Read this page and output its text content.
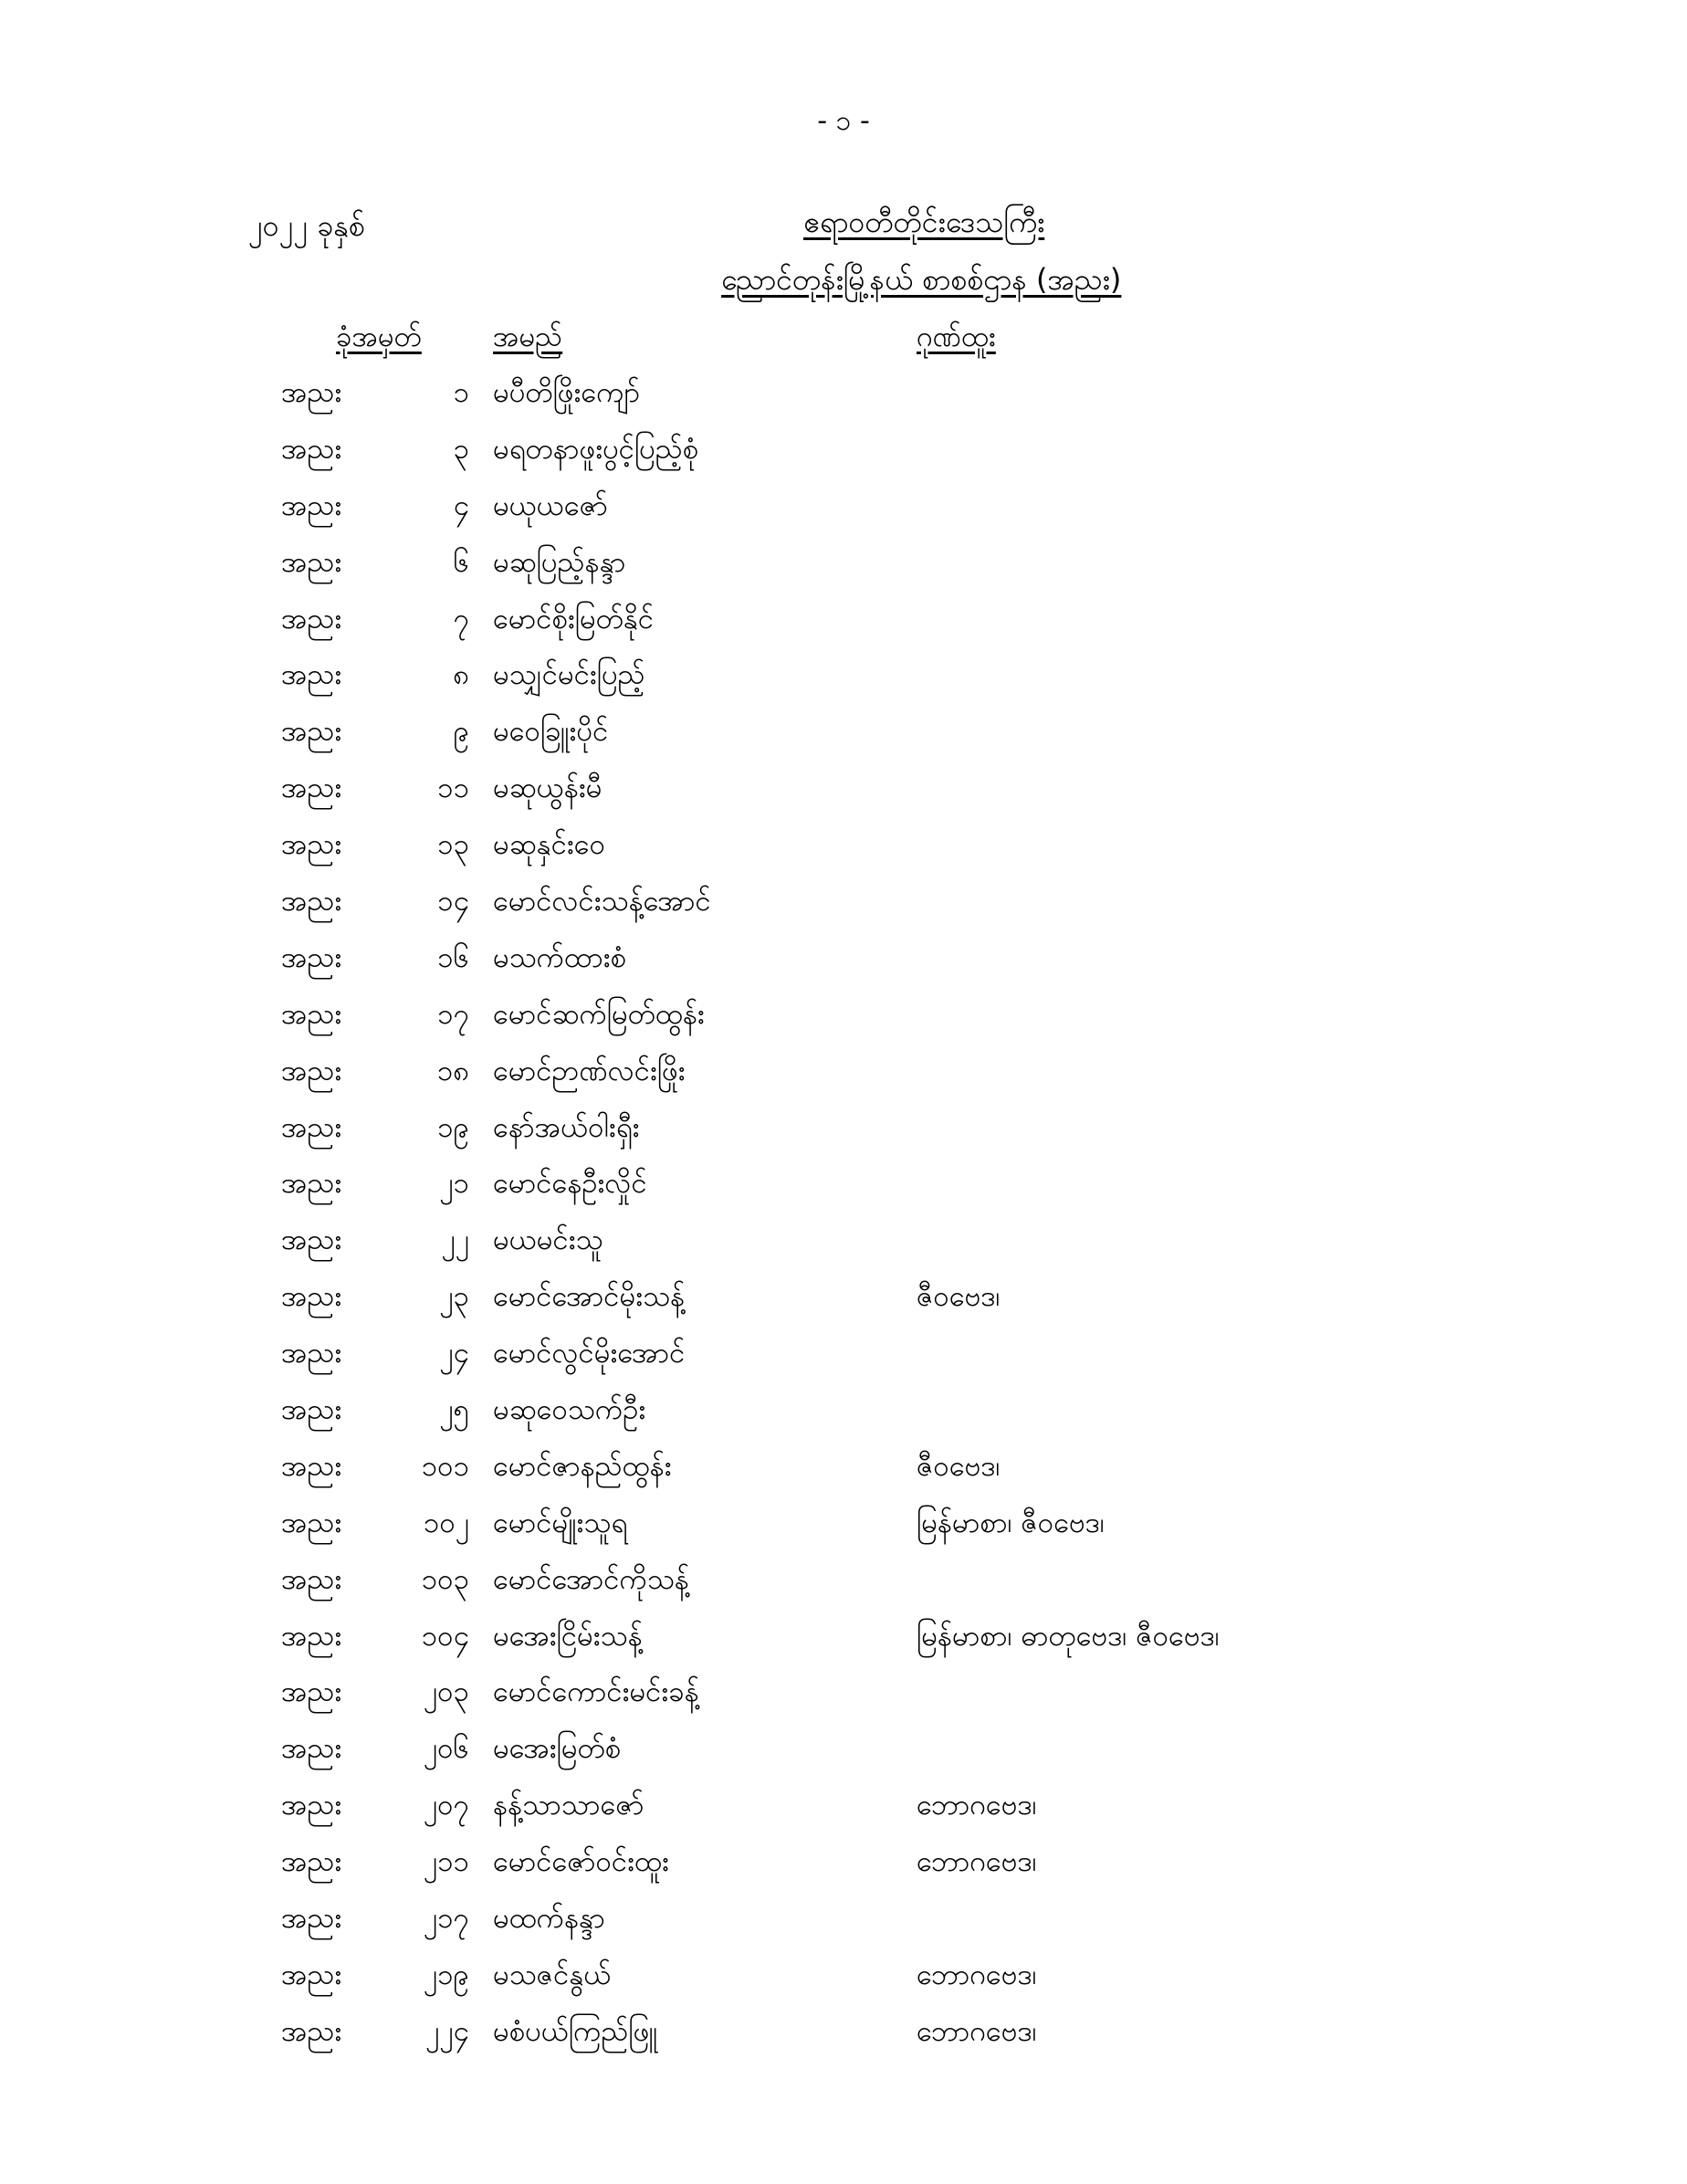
- ၁ -
၂၀၂၂ ခုနှစ်	ဧရာဝတီတိုင်းဒေသကြီး
ညောင်တုန်းမြို့နယ် စာစစ်ဌာန (အညး)
ခုံအမှတ်	အမည်	ဂုဏ်ထူး
အညး	၁ မပီတိဖြိုးကျော်
အညး	၃ မရတနာဖူးပွင့်ပြည့်စုံ
အညး	၄ မယုယဇော်
အညး	၆ မဆုပြည့်နန္ဒာ
အညး	၇ မောင်စိုးမြတ်နိုင်
အညး	၈ မသျှင်မင်းပြည့်
အညး	၉ မဝေခြူးပိုင်
အညး	၁၁ မဆုယွန်းမီ
အညး	၁၃ မဆုနှင်းဝေ
အညး	၁၄ မောင်လင်းသန့်အောင်
အညး	၁၆ မသက်ထားစံ
အညး	၁၇ မောင်ဆက်မြတ်ထွန်း
အညး	၁၈ မောင်ဉာဏ်လင်းဖြိုး
အညး	၁၉ နော်အယ်ဝါးရှီး
အညး	၂၁ မောင်နေဦးလှိုင်
အညး	၂၂ မယမင်းသူ
အညး	၂၃ မောင်အောင်မိုးသန့်	ဇီဝဗေဒ၊
အညး	၂၄ မောင်လွင်မိုးအောင်
အညး	၂၅ မဆုဝေသက်ဦး
အညး	၁၀၁ မောင်ဇာနည်ထွန်း	ဇီဝဗေဒ၊
အညး	၁၀၂ မောင်မျိုးသူရ	မြန်မာစာ၊ ဇီဝဗေဒ၊
အညး	၁၀၃ မောင်အောင်ကိုသန့်
အညး	၁၀၄ မအေးငြိမ်းသန့်	မြန်မာစာ၊ ဓာတုဗေဒ၊ ဇီဝဗေဒ၊
အညး	၂၀၃ မောင်ကောင်းမင်းခန့်
အညး	၂၀၆ မအေးမြတ်စံ
အညး	၂၀၇ နန့်သာသာဇော်	ဘောဂဗေဒ၊
အညး	၂၁၁ မောင်ဇော်ဝင်းထူး	ဘောဂဗေဒ၊
အညး	၂၁၇ မထက်နန္ဒာ
အညး	၂၁၉ မသဇင်နွယ်	ဘောဂဗေဒ၊
အညး	၂၂၄ မစံပယ်ကြည်ဖြူ	ဘောဂဗေဒ၊
